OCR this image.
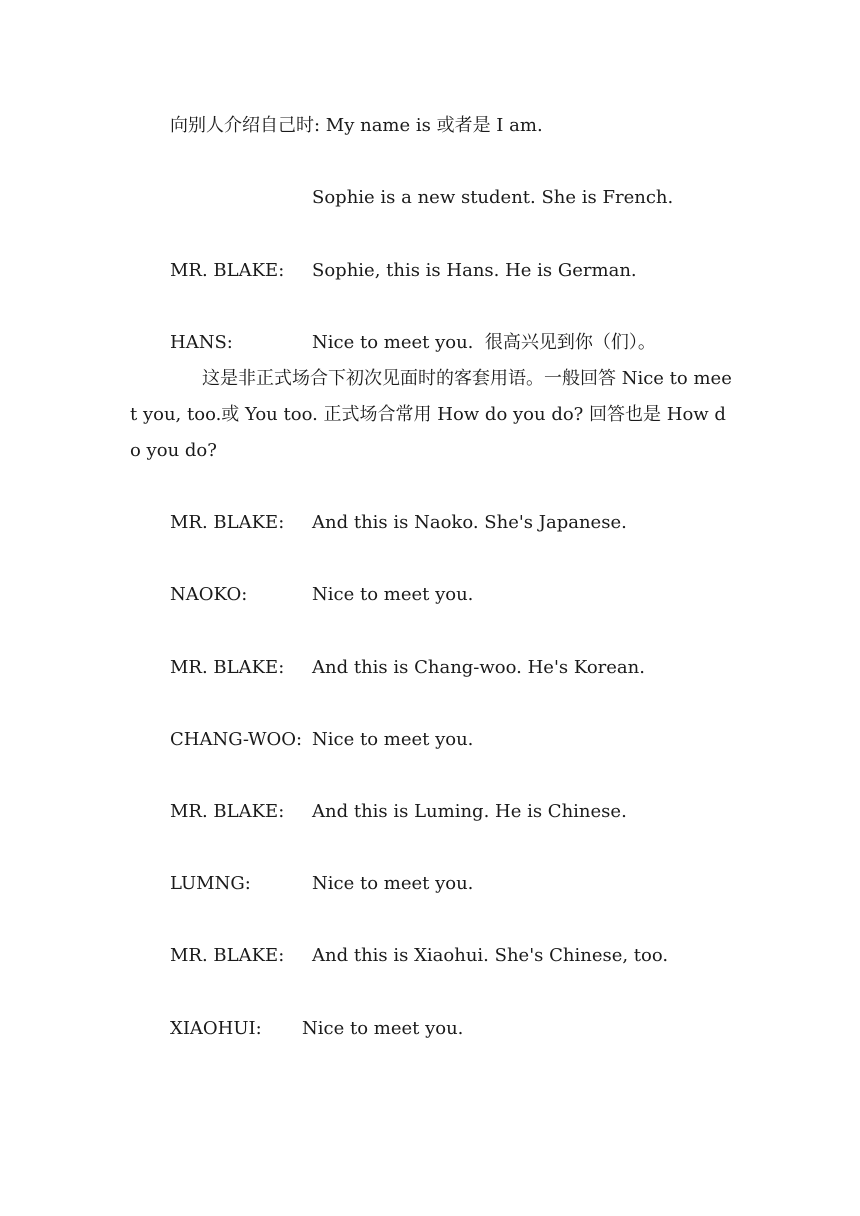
向别人介绍自己时: My name is 或者是 I am.
Sophie is a new student. She is French.
MR. BLAKE: Sophie, this is Hans. He is German.
HANS:	Nice to meet you.  很高兴见到你（们）。
这是非正式场合下初次见面时的客套用语。一般回答 Nice to meet you, too.或 You too. 正式场合常用 How do you do? 回答也是 How do you do?
MR. BLAKE: And this is Naoko. She's Japanese.
NAOKO:	Nice to meet you.
MR. BLAKE: And this is Chang-woo. He's Korean.
CHANG-WOO: Nice to meet you.
MR. BLAKE: And this is Luming. He is Chinese.
LUMNG:	Nice to meet you.
MR. BLAKE: And this is Xiaohui. She's Chinese, too.
XIAOHUI: Nice to meet you.
